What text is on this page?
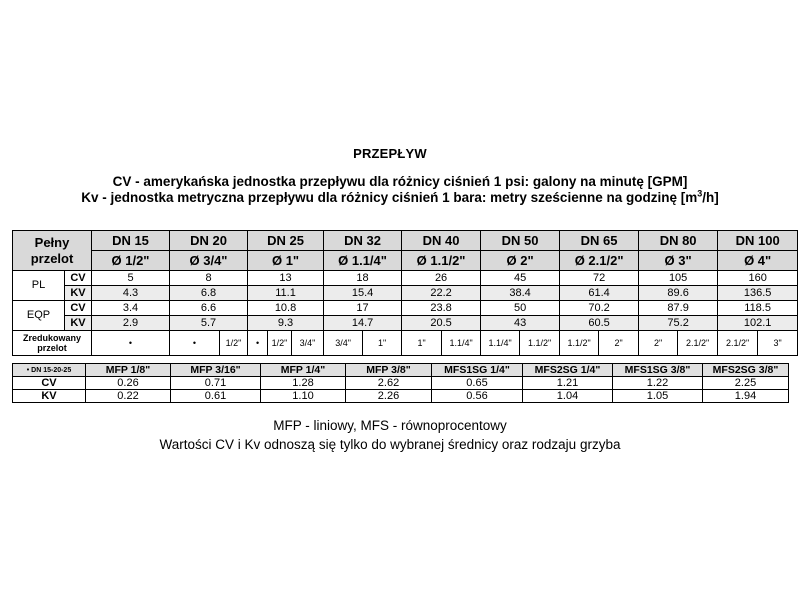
PRZEPŁYW
CV - amerykańska jednostka przepływu dla różnicy ciśnień 1 psi: galony na minutę [GPM]
Kv - jednostka metryczna przepływu dla różnicy ciśnień 1 bara: metry sześcienne na godzinę $[m^3/h]$
Pełny
przelot		DN 15	DN 20		DN 25			DN 32		DN 40		DN 50		DN 65		DN 80		DN 100	
		Ø 1/2"	Ø 3/4"		Ø 1"			Ø 1.1/4"		Ø 1.1/2"		Ø 2"		Ø 2.1/2"		Ø 3"		Ø 4"	
PL	CV	5	8		13			18		26		45		72		105		160	
	KV	4.3	6.8		11.1			15.4		22.2		38.4		61.4		89.6		136.5	
EQP	CV	3.4	6.6		10.8			17		23.8		50		70.2		87.9		118.5	
	KV	2.9	5.7		9.3			14.7		20.5		43		60.5		75.2		102.1	
Zredukowany przelot		•	•	1/2"	•	1/2"	3/4"	3/4"	1"	1"	1.1/4"	1.1/4"	1.1/2"	1.1/2"	2"	2"	2.1/2"	2.1/2"	3"
• DN 15-20-25	MFP 1/8"	MFP 3/16"	MFP 1/4"	MFP 3/8"	MFS1SG 1/4"	MFS2SG 1/4"	MFS1SG 3/8"	MFS2SG 3/8"
CV	0.26	0.71	1.28	2.62	0.65	1.21	1.22	2.25
KV	0.22	0.61	1.10	2.26	0.56	1.04	1.05	1.94
MFP - liniowy, MFS - równoprocentowy
Wartości CV i Kv odnoszą się tylko do wybranej średnicy oraz rodzaju grzyba
